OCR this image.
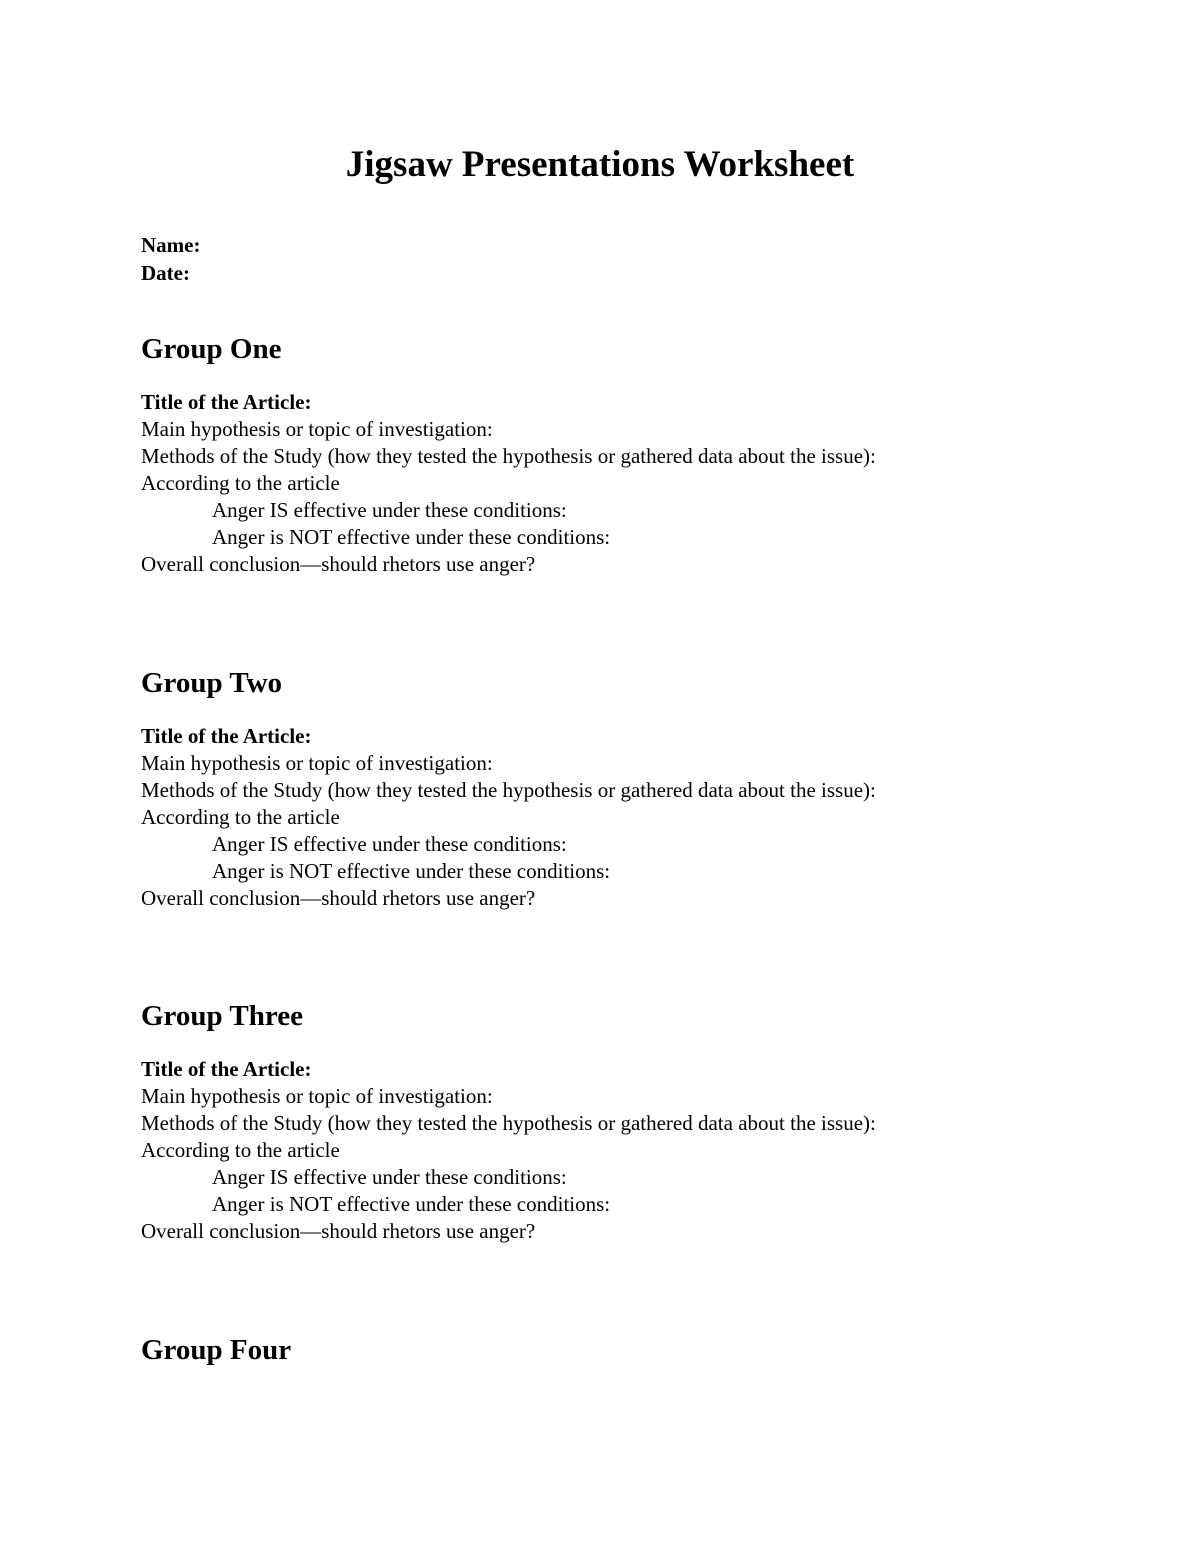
Jigsaw Presentations Worksheet
Name:
Date:
Group One
Title of the Article:
Main hypothesis or topic of investigation:
Methods of the Study (how they tested the hypothesis or gathered data about the issue):
According to the article
Anger IS effective under these conditions:
Anger is NOT effective under these conditions:
Overall conclusion—should rhetors use anger?
Group Two
Title of the Article:
Main hypothesis or topic of investigation:
Methods of the Study (how they tested the hypothesis or gathered data about the issue):
According to the article
Anger IS effective under these conditions:
Anger is NOT effective under these conditions:
Overall conclusion—should rhetors use anger?
Group Three
Title of the Article:
Main hypothesis or topic of investigation:
Methods of the Study (how they tested the hypothesis or gathered data about the issue):
According to the article
Anger IS effective under these conditions:
Anger is NOT effective under these conditions:
Overall conclusion—should rhetors use anger?
Group Four
